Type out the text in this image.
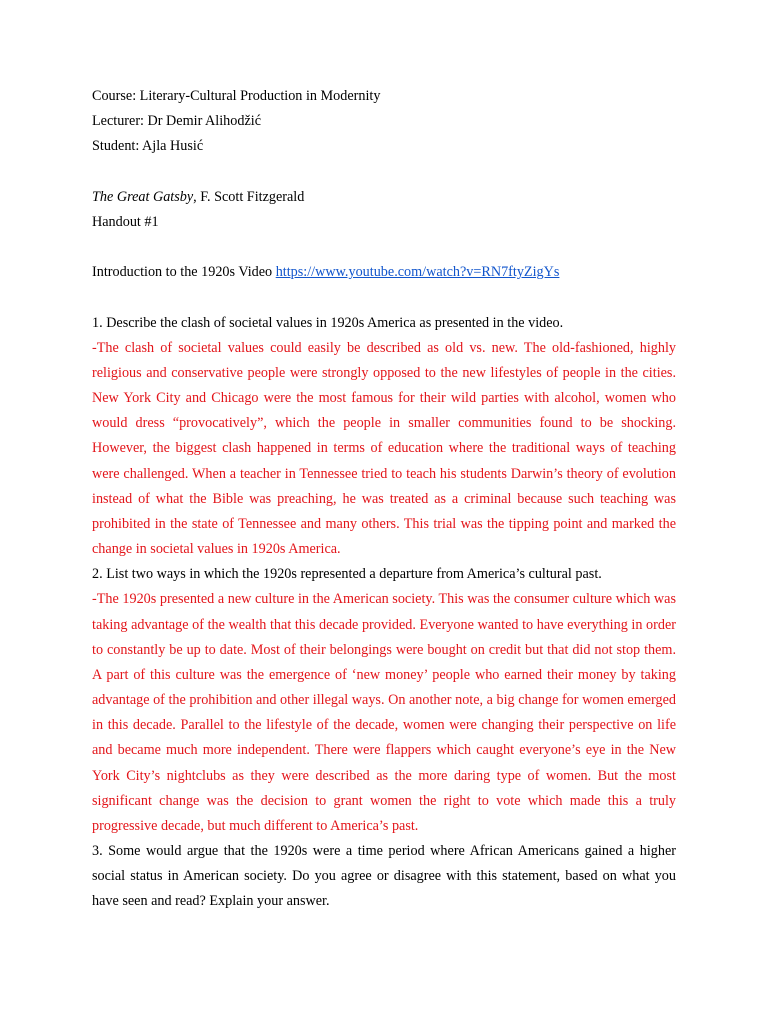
Course: Literary-Cultural Production in Modernity

Lecturer: Dr Demir Alihodžić

Student: Ajla Husić

The Great Gatsby, F. Scott Fitzgerald

Handout #1

Introduction to the 1920s Video https://www.youtube.com/watch?v=RN7ftyZigYs

1. Describe the clash of societal values in 1920s America as presented in the video.

-The clash of societal values could easily be described as old vs. new. The old-fashioned, highly religious and conservative people were strongly opposed to the new lifestyles of people in the cities. New York City and Chicago were the most famous for their wild parties with alcohol, women who would dress “provocatively”, which the people in smaller communities found to be shocking. However, the biggest clash happened in terms of education where the traditional ways of teaching were challenged. When a teacher in Tennessee tried to teach his students Darwin’s theory of evolution instead of what the Bible was preaching, he was treated as a criminal because such teaching was prohibited in the state of Tennessee and many others. This trial was the tipping point and marked the change in societal values in 1920s America.

2. List two ways in which the 1920s represented a departure from America’s cultural past.

-The 1920s presented a new culture in the American society. This was the consumer culture which was taking advantage of the wealth that this decade provided. Everyone wanted to have everything in order to constantly be up to date. Most of their belongings were bought on credit but that did not stop them. A part of this culture was the emergence of ‘new money’ people who earned their money by taking advantage of the prohibition and other illegal ways. On another note, a big change for women emerged in this decade. Parallel to the lifestyle of the decade, women were changing their perspective on life and became much more independent. There were flappers which caught everyone’s eye in the New York City’s nightclubs as they were described as the more daring type of women. But the most significant change was the decision to grant women the right to vote which made this a truly progressive decade, but much different to America’s past.

3. Some would argue that the 1920s were a time period where African Americans gained a higher social status in American society. Do you agree or disagree with this statement, based on what you have seen and read? Explain your answer.
